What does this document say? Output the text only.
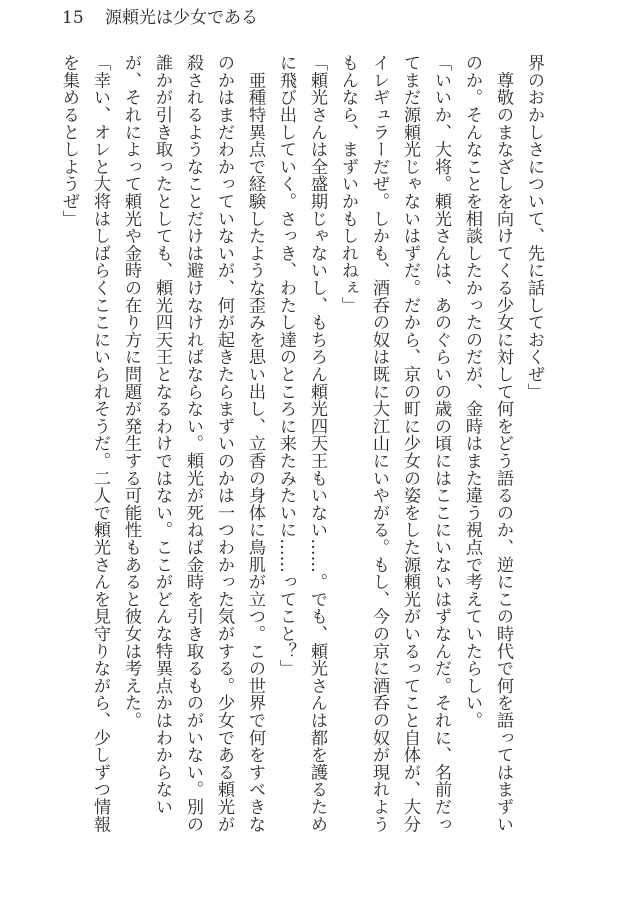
15 源頼光は少女である
界のおかしさについて、先に話しておくぜ」
　尊敬のまなざしを向けてくる少女に対して何をどう語るのか、逆にこの時代で何を語ってはまずい
のか。そんなことを相談したかったのだが、金時はまた違う視点で考えていたらしい。
「いいか、大将。頼光さんは、あのぐらいの歳の頃にはここにいないはずなんだ。それに、名前だっ
てまだ源頼光じゃないはずだ。だから、京の町に少女の姿をした源頼光がいるってこと自体が、大分
イレギュラーだぜ。しかも、酒呑の奴は既に大江山にいやがる。もし、今の京に酒呑の奴が現れよう
もんなら、まずいかもしれねぇ」
「頼光さんは全盛期じゃないし、もちろん頼光四天王もいない……。でも、頼光さんは都を護るため
に飛び出していく。さっき、わたし達のところに来たみたいに……ってこと？」
　亜種特異点で経験したような歪みを思い出し、立香の身体に鳥肌が立つ。この世界で何をすべきな
のかはまだわかっていないが、何が起きたらまずいのかは一つわかった気がする。少女である頼光が
殺されるようなことだけは避けなければならない。頼光が死ねば金時を引き取るものがいない。別の
誰かが引き取ったとしても、頼光四天王となるわけではない。ここがどんな特異点かはわからない
が、それによって頼光や金時の在り方に問題が発生する可能性もあると彼女は考えた。
「幸い、オレと大将はしばらくここにいられそうだ。二人で頼光さんを見守りながら、少しずつ情報
を集めるとしようぜ」
